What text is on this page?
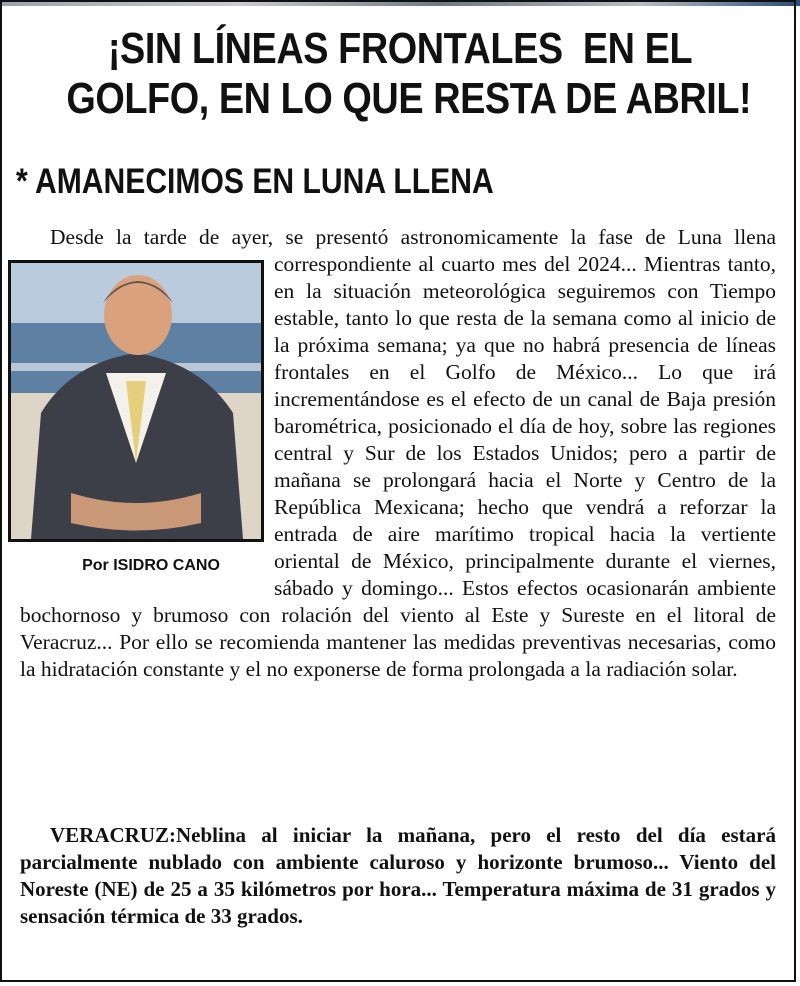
¡SIN LÍNEAS FRONTALES  EN EL
GOLFO, EN LO QUE RESTA DE ABRIL!
* AMANECIMOS EN LUNA LLENA

Desde la tarde de ayer, se presentó astronomicamente la fase de Luna llena correspondiente al cuarto mes del 2024... Mientras tanto,
Por ISIDRO CANO
en la situación meteorológica seguiremos con Tiempo estable, tanto lo que resta de la semana como al inicio de la próxima semana; ya que no habrá presencia de líneas frontales en el Golfo de México... Lo que irá incrementándose es el efecto de un canal de Baja presión barométrica, posicionado el día de hoy, sobre las regiones central y Sur de los Estados Unidos; pero a partir de mañana se prolongará hacia el Norte y Centro de la República Mexicana; hecho que vendrá a reforzar la entrada de aire marítimo tropical hacia la vertiente oriental de México, principalmente durante el viernes, sábado y domingo... Estos efectos ocasionarán ambiente bochornoso y brumoso con rolación del viento al Este y Sureste en el litoral de Veracruz... Por ello se recomienda mantener las medidas preventivas necesarias, como la hidratación constante y el no exponerse de forma prolongada a la radiación solar.

VERACRUZ:Neblina al iniciar la mañana, pero el resto del día estará parcialmente nublado con ambiente caluroso y horizonte brumoso... Viento del Noreste (NE) de 25 a 35 kilómetros por hora... Temperatura máxima de 31 grados y sensación térmica de 33 grados.
